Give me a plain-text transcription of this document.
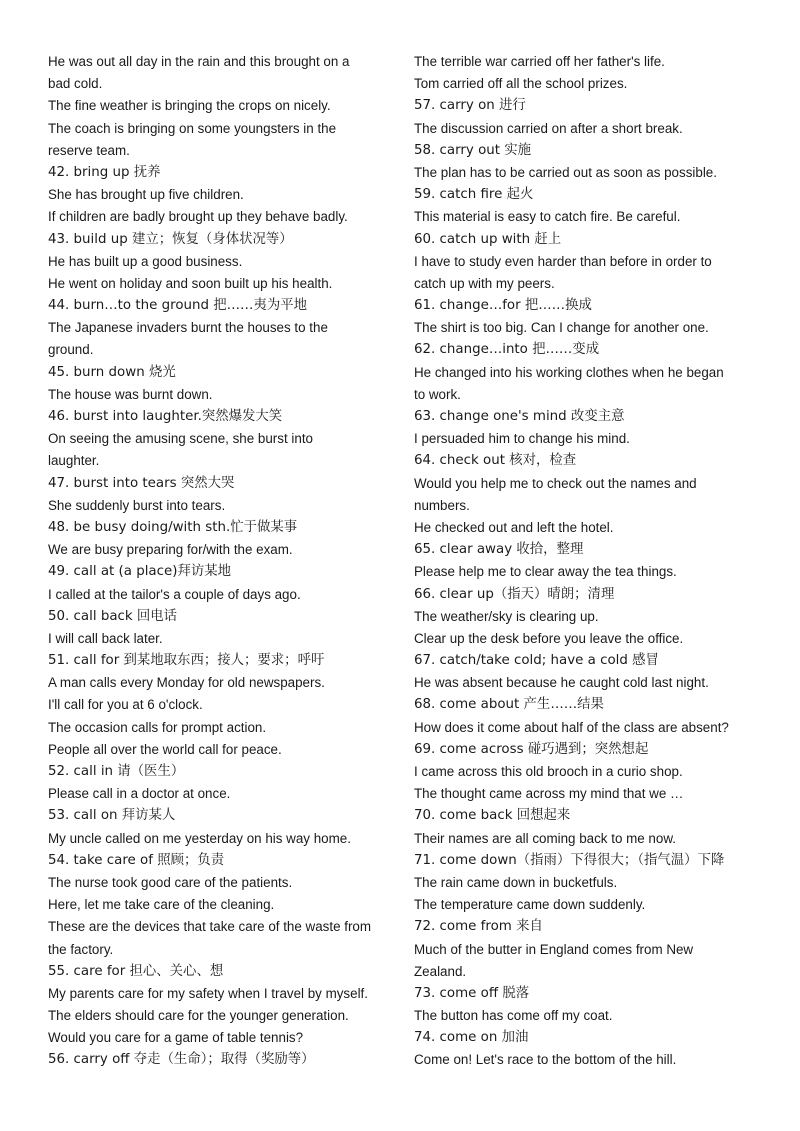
He was out all day in the rain and this brought on a
bad cold.
The fine weather is bringing the crops on nicely.
The coach is bringing on some youngsters in the
reserve team.
42. bring up 抚养
She has brought up five children.
If children are badly brought up they behave badly.
43. build up 建立；恢复（身体状况等）
He has built up a good business.
He went on holiday and soon built up his health.
44. burn…to the ground 把……夷为平地
The Japanese invaders burnt the houses to the
ground.
45. burn down 烧光
The house was burnt down.
46. burst into laughter.突然爆发大笑
On seeing the amusing scene, she burst into
laughter.
47. burst into tears 突然大哭
She suddenly burst into tears.
48. be busy doing/with sth.忙于做某事
We are busy preparing for/with the exam.
49. call at (a place)拜访某地
I called at the tailor's a couple of days ago.
50. call back 回电话
I will call back later.
51. call for 到某地取东西；接人；要求；呼吁
A man calls every Monday for old newspapers.
I'll call for you at 6 o'clock.
The occasion calls for prompt action.
People all over the world call for peace.
52. call in 请（医生）
Please call in a doctor at once.
53. call on 拜访某人
My uncle called on me yesterday on his way home.
54. take care of 照顾；负责
The nurse took good care of the patients.
Here, let me take care of the cleaning.
These are the devices that take care of the waste from
the factory.
55. care for 担心、关心、想
My parents care for my safety when I travel by myself.
The elders should care for the younger generation.
Would you care for a game of table tennis?
56. carry off 夺走（生命）；取得（奖励等）
The terrible war carried off her father's life.
Tom carried off all the school prizes.
57. carry on 进行
The discussion carried on after a short break.
58. carry out 实施
The plan has to be carried out as soon as possible.
59. catch fire 起火
This material is easy to catch fire. Be careful.
60. catch up with 赶上
I have to study even harder than before in order to
catch up with my peers.
61. change…for 把……换成
The shirt is too big. Can I change for another one.
62. change…into 把……变成
He changed into his working clothes when he began
to work.
63. change one's mind 改变主意
I persuaded him to change his mind.
64. check out 核对，检查
Would you help me to check out the names and
numbers.
He checked out and left the hotel.
65. clear away 收拾，整理
Please help me to clear away the tea things.
66. clear up（指天）晴朗；清理
The weather/sky is clearing up.
Clear up the desk before you leave the office.
67. catch/take cold; have a cold 感冒
He was absent because he caught cold last night.
68. come about 产生……结果
How does it come about half of the class are absent?
69. come across 碰巧遇到；突然想起
I came across this old brooch in a curio shop.
The thought came across my mind that we …
70. come back 回想起来
Their names are all coming back to me now.
71. come down（指雨）下得很大；（指气温）下降
The rain came down in bucketfuls.
The temperature came down suddenly.
72. come from 来自
Much of the butter in England comes from New
Zealand.
73. come off 脱落
The button has come off my coat.
74. come on 加油
Come on! Let's race to the bottom of the hill.
